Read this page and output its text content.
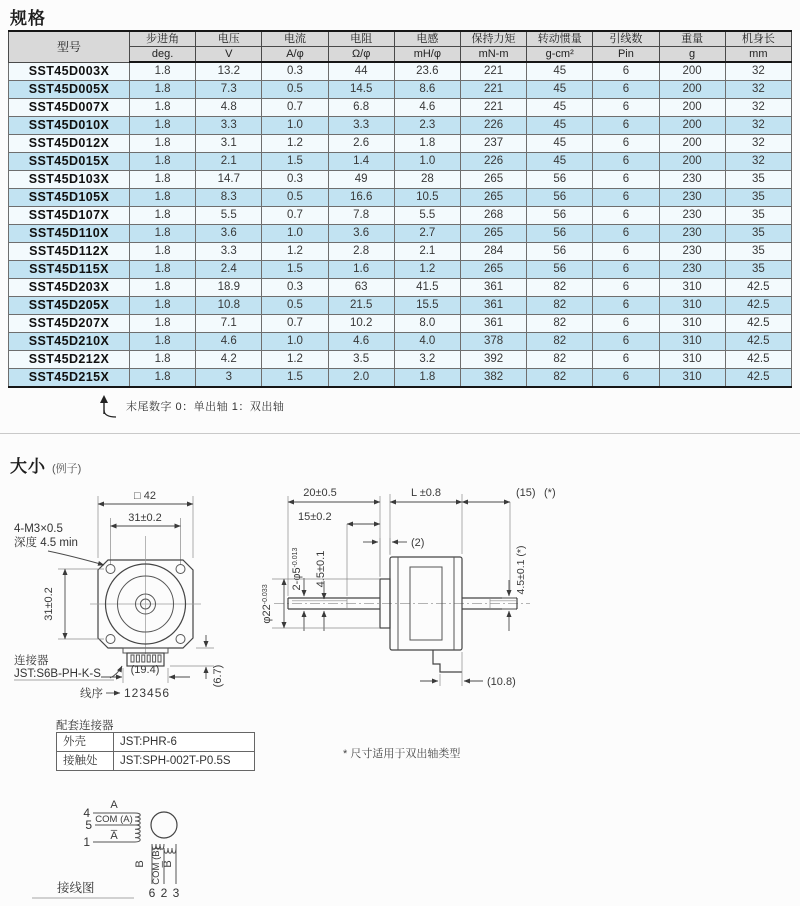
规格
型号	步进角	电压	电流	电阻	电感	保持力矩	转动惯量	引线数	重量	机身长
	deg.	V	A/φ	Ω/φ	mH/φ	mN-m	g-cm²	Pin	g	mm
SST45D003X	1.8	13.2	0.3	44	23.6	221	45	6	200	32
SST45D005X	1.8	7.3	0.5	14.5	8.6	221	45	6	200	32
SST45D007X	1.8	4.8	0.7	6.8	4.6	221	45	6	200	32
SST45D010X	1.8	3.3	1.0	3.3	2.3	226	45	6	200	32
SST45D012X	1.8	3.1	1.2	2.6	1.8	237	45	6	200	32
SST45D015X	1.8	2.1	1.5	1.4	1.0	226	45	6	200	32
SST45D103X	1.8	14.7	0.3	49	28	265	56	6	230	35
SST45D105X	1.8	8.3	0.5	16.6	10.5	265	56	6	230	35
SST45D107X	1.8	5.5	0.7	7.8	5.5	268	56	6	230	35
SST45D110X	1.8	3.6	1.0	3.6	2.7	265	56	6	230	35
SST45D112X	1.8	3.3	1.2	2.8	2.1	284	56	6	230	35
SST45D115X	1.8	2.4	1.5	1.6	1.2	265	56	6	230	35
SST45D203X	1.8	18.9	0.3	63	41.5	361	82	6	310	42.5
SST45D205X	1.8	10.8	0.5	21.5	15.5	361	82	6	310	42.5
SST45D207X	1.8	7.1	0.7	10.2	8.0	361	82	6	310	42.5
SST45D210X	1.8	4.6	1.0	4.6	4.0	378	82	6	310	42.5
SST45D212X	1.8	4.2	1.2	3.5	3.2	392	82	6	310	42.5
SST45D215X	1.8	3	1.5	2.0	1.8	382	82	6	310	42.5
末尾数字 0：单出轴 1：双出轴
大小 (例子)
□ 42
31±0.2
4-M3×0.5
深度 4.5 min
31±0.2
连接器
JST:S6B-PH-K-S	(19.4)
线序 123456
(6.7)
20±0.5
15±0.2
L ±0.8	(15) (*)
(2)
$2-\varphi 5^{-0.013}$	4.5±0.1
$\varphi 22^{-0.033}$	4.5±0.1 (*)
(10.8)
配套连接器
外壳	JST:PHR-6
接触处	JST:SPH-002T-P0.5S
* 尺寸适用于双出轴类型
4
5
1
A
COM (A)
A̅
B COM (B) B̅
6 2 3
接线图
